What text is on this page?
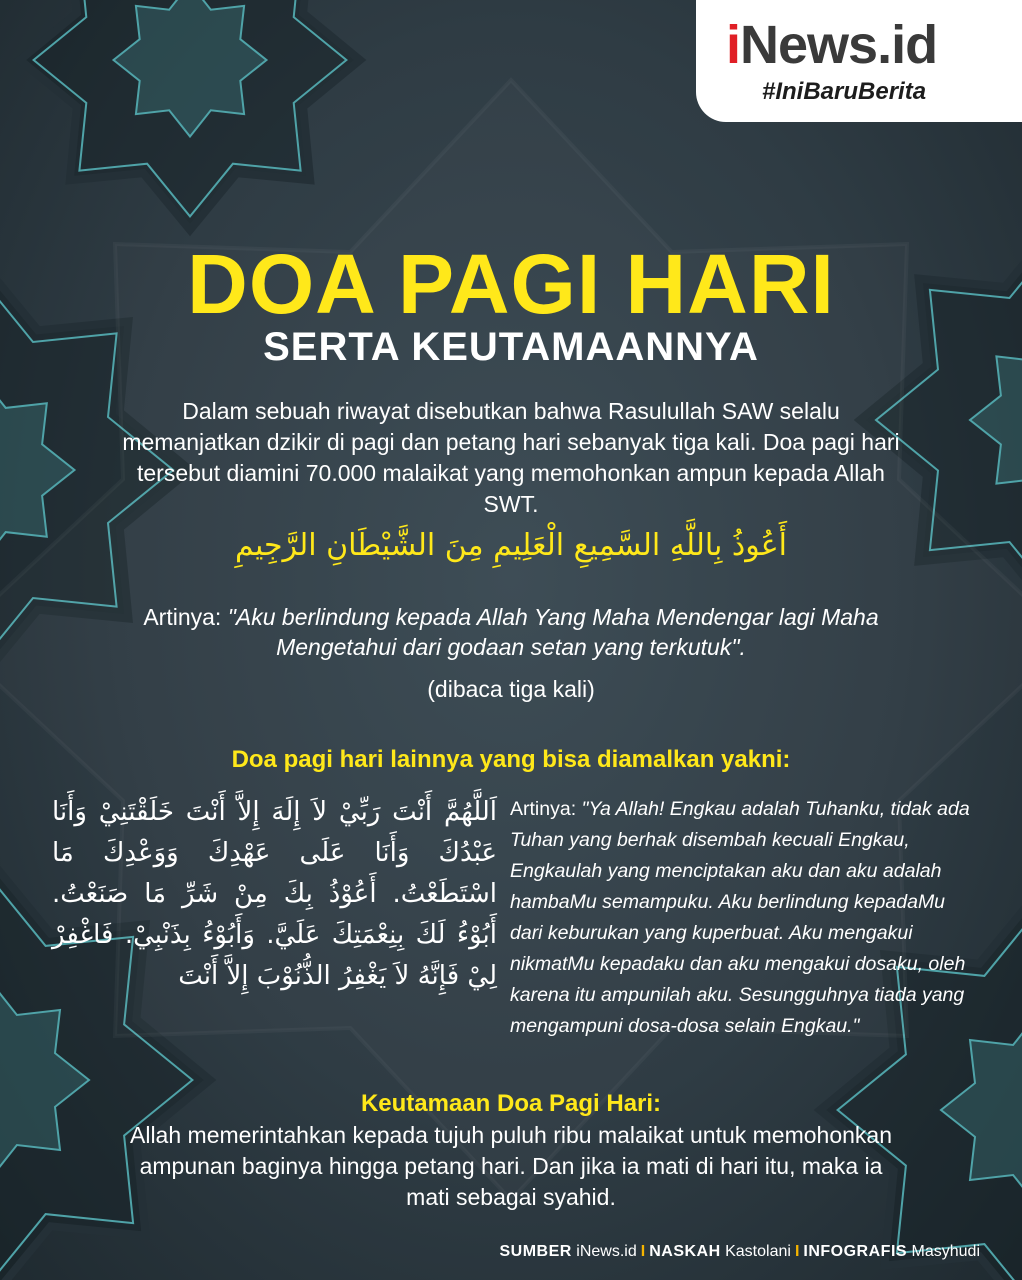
iNews.id
#IniBaruBerita
DOA PAGI HARI
SERTA KEUTAMAANNYA
Dalam sebuah riwayat disebutkan bahwa Rasulullah SAW selalu memanjatkan dzikir di pagi dan petang hari sebanyak tiga kali. Doa pagi hari tersebut diamini 70.000 malaikat yang memohonkan ampun kepada Allah SWT.
أَعُوذُ بِاللَّهِ السَّمِيعِ الْعَلِيمِ مِنَ الشَّيْطَانِ الرَّجِيمِ
Artinya: "Aku berlindung kepada Allah Yang Maha Mendengar lagi Maha Mengetahui dari godaan setan yang terkutuk".
(dibaca tiga kali)
Doa pagi hari lainnya yang bisa diamalkan yakni:
اَللَّهُمَّ أَنْتَ رَبِّيْ لاَ إِلَهَ إِلاَّ أَنْتَ خَلَقْتَنِيْ وَأَنَا عَبْدُكَ وَأَنَا عَلَى عَهْدِكَ وَوَعْدِكَ مَا اسْتَطَعْتُ. أَعُوْذُ بِكَ مِنْ شَرِّ مَا صَنَعْتُ. أَبُوْءُ لَكَ بِنِعْمَتِكَ عَلَيَّ. وَأَبُوْءُ بِذَنْبِيْ. فَاغْفِرْ لِيْ فَإِنَّهُ لاَ يَغْفِرُ الذُّنُوْبَ إِلاَّ أَنْتَ
Artinya: "Ya Allah! Engkau adalah Tuhanku, tidak ada Tuhan yang berhak disembah kecuali Engkau, Engkaulah yang menciptakan aku dan aku adalah hambaMu semampuku. Aku berlindung kepadaMu dari keburukan yang kuperbuat. Aku mengakui nikmatMu kepadaku dan aku mengakui dosaku, oleh karena itu ampunilah aku. Sesungguhnya tiada yang mengampuni dosa-dosa selain Engkau."
Keutamaan Doa Pagi Hari:
Allah memerintahkan kepada tujuh puluh ribu malaikat untuk memohonkan ampunan baginya hingga petang hari. Dan jika ia mati di hari itu, maka ia mati sebagai syahid.
SUMBER iNews.id I NASKAH Kastolani I INFOGRAFIS Masyhudi
